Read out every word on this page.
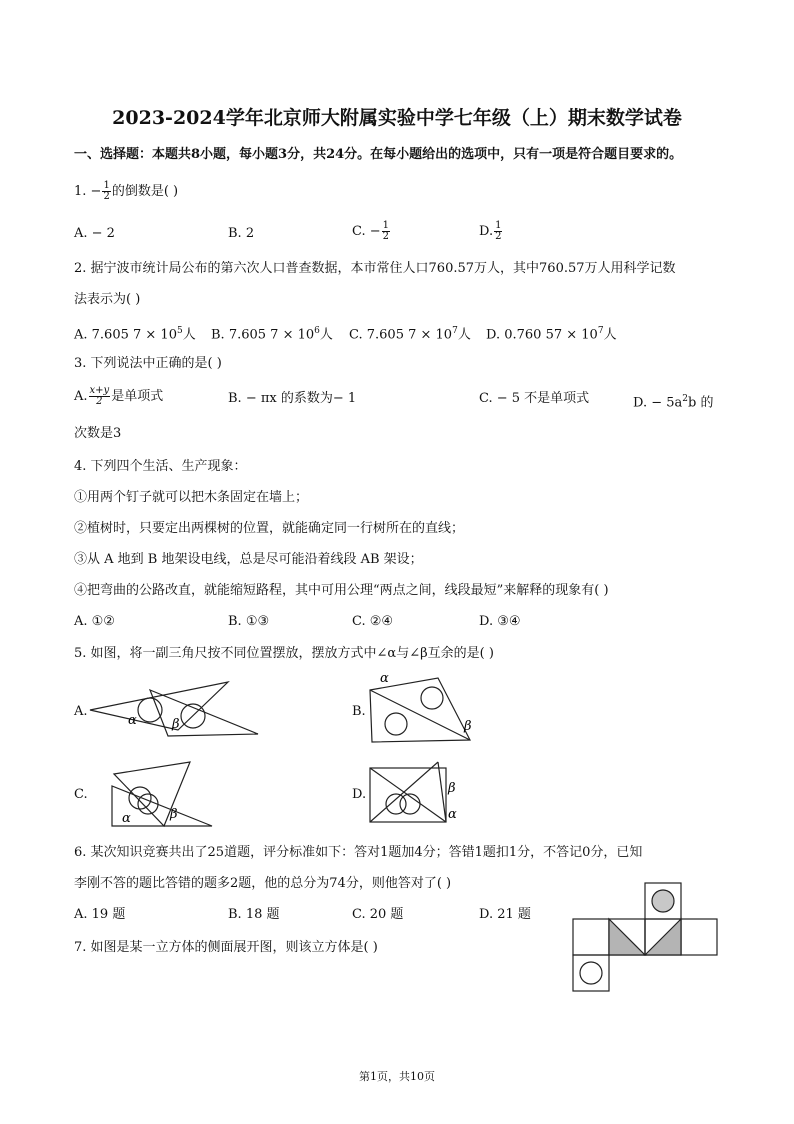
2023-2024学年北京师大附属实验中学七年级（上）期末数学试卷
一、选择题：本题共8小题，每小题3分，共24分。在每小题给出的选项中，只有一项是符合题目要求的。
1. − $\frac{1}{2}$ 的倒数是( )
A. − 2	B. 2	C. − $\frac{1}{2}$	D. $\frac{1}{2}$
2. 据宁波市统计局公布的第六次人口普查数据，本市常住人口760.57万人，其中760.57万人用科学记数
法表示为( )
A. 7.605 $7 \times 10^5$人 B. 7.605 $7 \times 10^6$人 C. 7.605 $7 \times 10^7$人 D. 0.760 $57 \times 10^7$人
3. 下列说法中正确的是( )
A. $\frac{x+y}{2}$ 是单项式	B. − πx 的系数为− 1	C. − 5 不是单项式	D. − $5a^2b$ 的
次数是3
4. 下列四个生活、生产现象：
①用两个钉子就可以把木条固定在墙上；
②植树时，只要定出两棵树的位置，就能确定同一行树所在的直线；
③从 A 地到 B 地架设电线，总是尽可能沿着线段 AB 架设；
④把弯曲的公路改直，就能缩短路程，其中可用公理“两点之间，线段最短”来解释的现象有( )
A. ①②	B. ①③	C. ②④	D. ③④
5. 如图，将一副三角尺按不同位置摆放，摆放方式中∠α与∠β互余的是( )
A.
α	β
B.
α
β
C.
α	β
D.	β
α
6. 某次知识竞赛共出了25道题，评分标准如下：答对1题加4分；答错1题扣1分，不答记0分，已知
李刚不答的题比答错的题多2题，他的总分为74分，则他答对了( )
A. 19 题	B. 18 题	C. 20 题	D. 21 题
7. 如图是某一立方体的侧面展开图，则该立方体是( )
第1页，共10页
